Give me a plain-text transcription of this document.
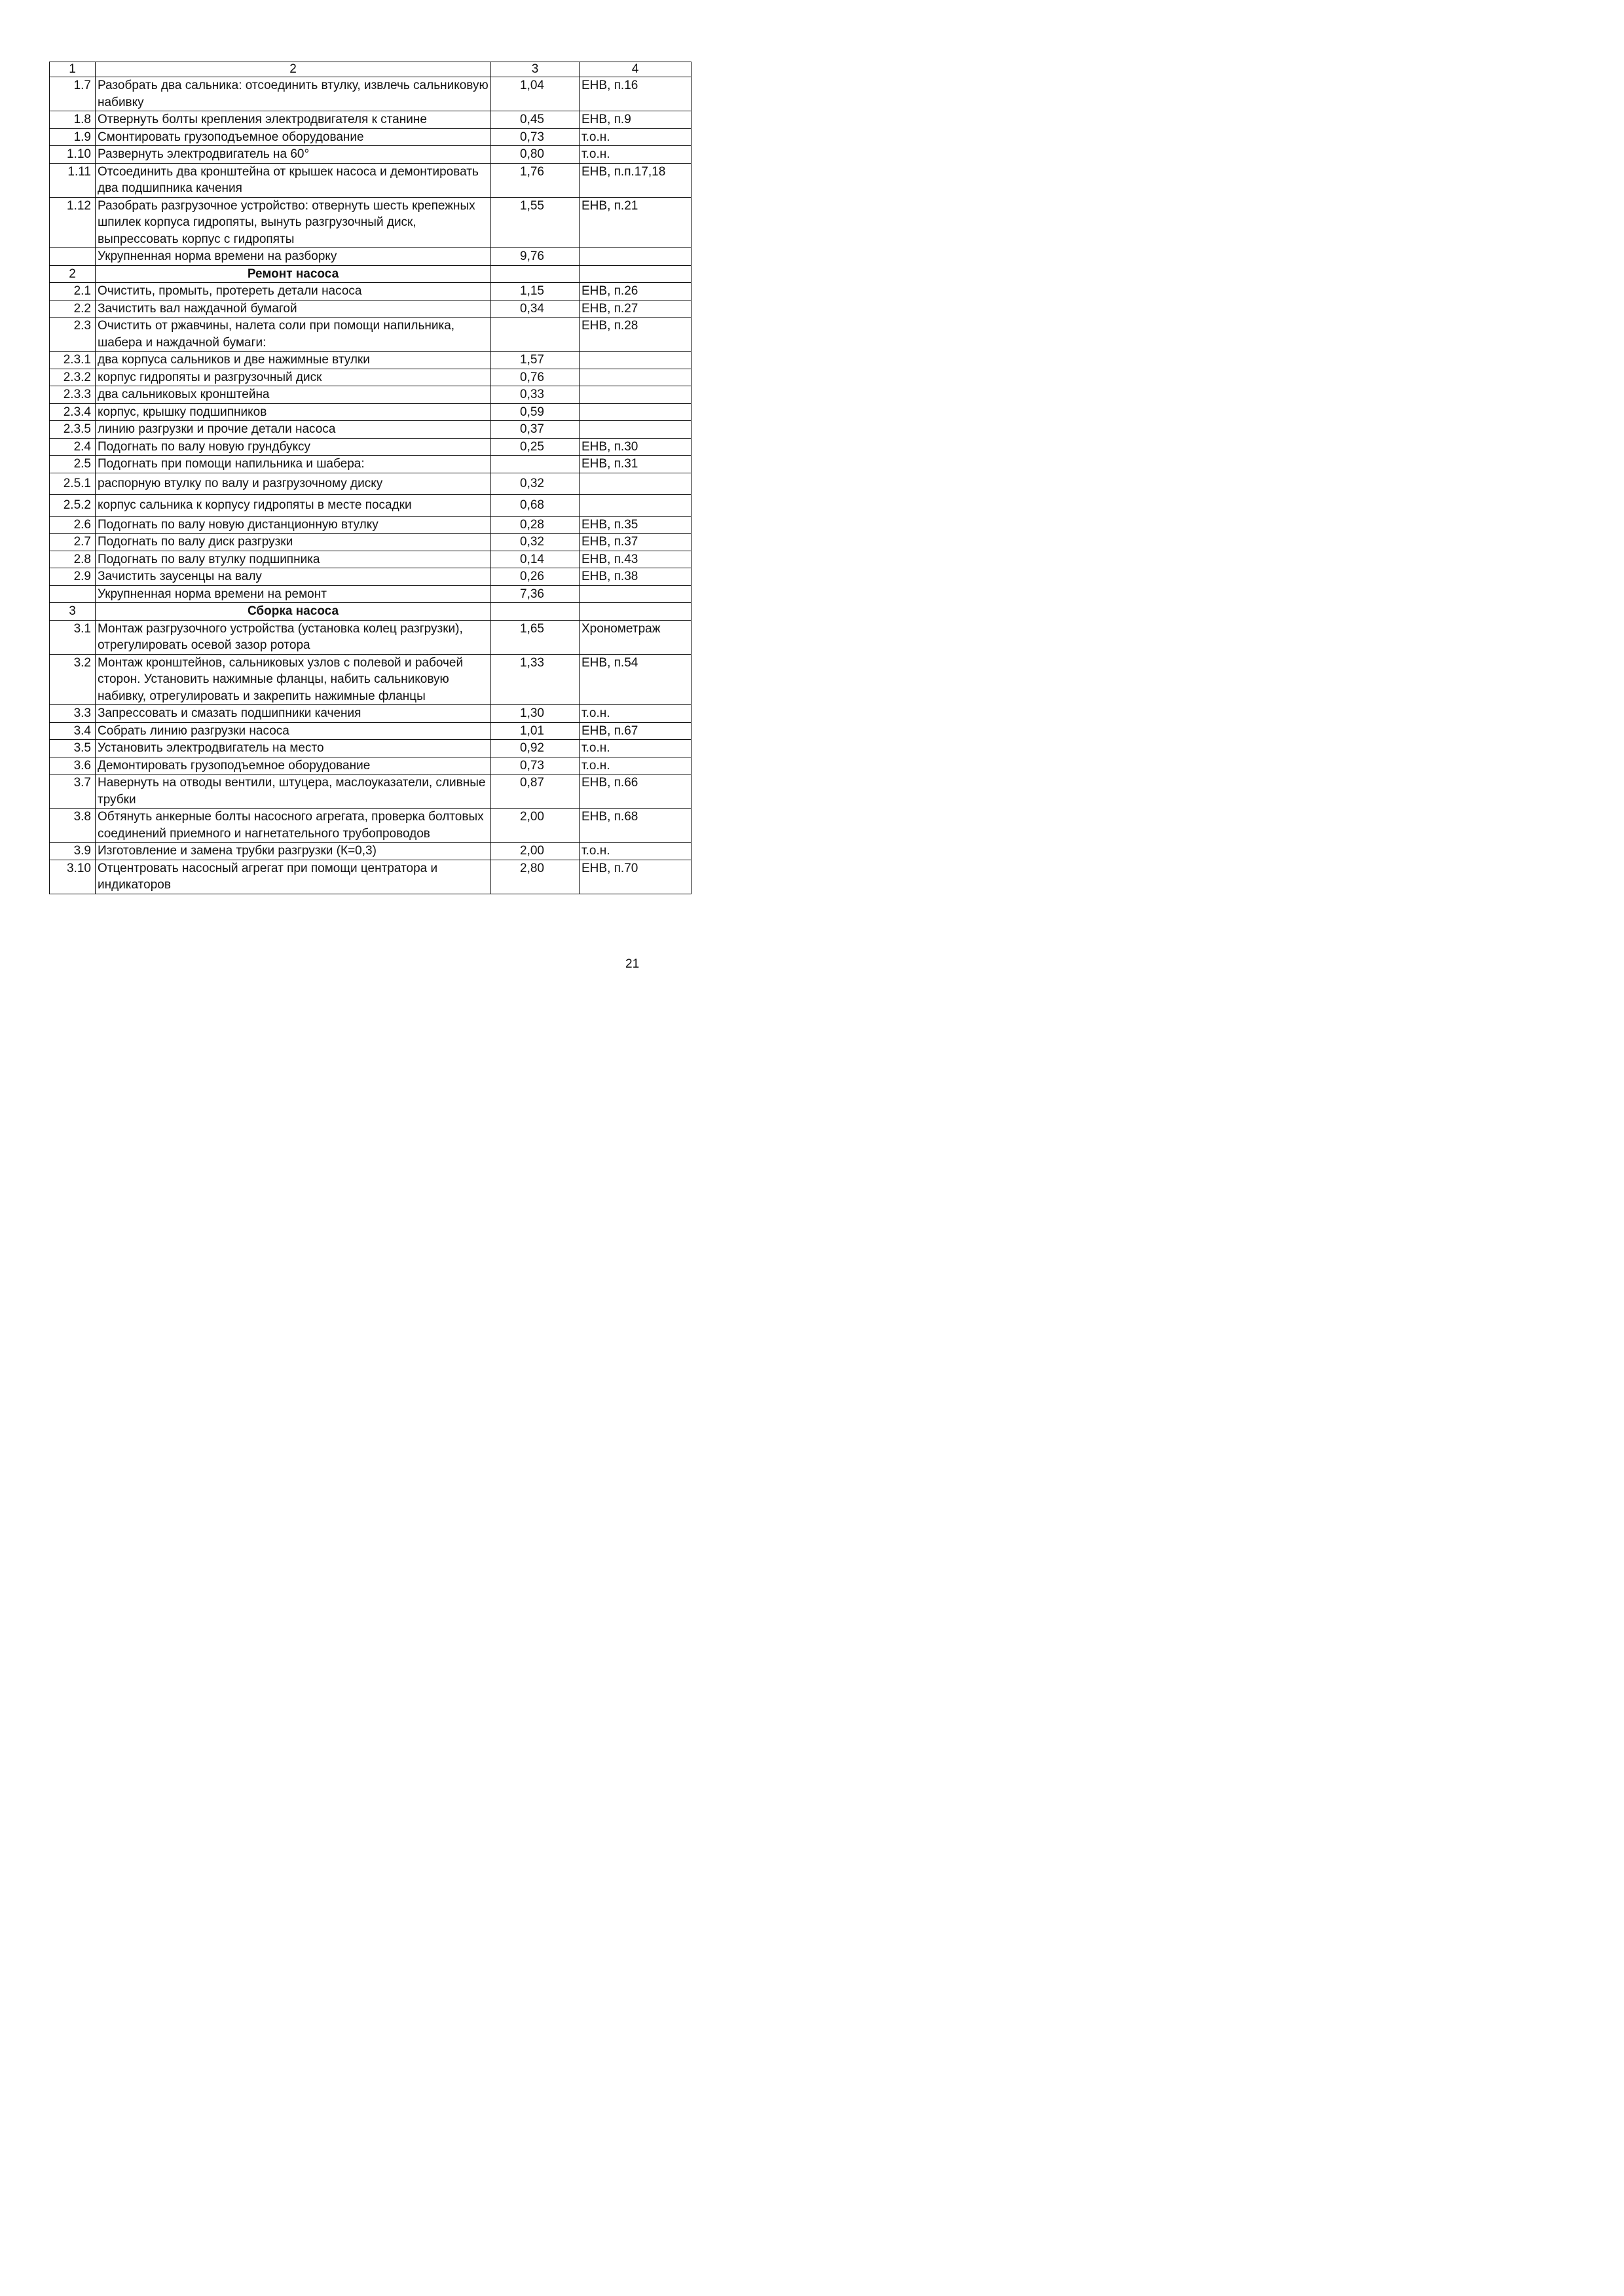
1	2	3	4
1.7	Разобрать два сальника: отсоединить втулку, извлечь сальниковую набивку	1,04	ЕНВ, п.16
1.8	Отвернуть болты крепления электродвигателя к станине	0,45	ЕНВ, п.9
1.9	Смонтировать грузоподъемное оборудование	0,73	т.о.н.
1.10	Развернуть электродвигатель на 60°	0,80	т.о.н.
1.11	Отсоединить два кронштейна от крышек насоса и демонтировать два подшипника качения	1,76	ЕНВ, п.п.17,18
1.12	Разобрать разгрузочное устройство: отвернуть шесть крепежных шпилек корпуса гидропяты, вынуть разгрузочный диск, выпрессовать корпус с гидропяты	1,55	ЕНВ, п.21
	Укрупненная норма времени на разборку	9,76	
2	Ремонт насоса		
2.1	Очистить, промыть, протереть детали насоса	1,15	ЕНВ, п.26
2.2	Зачистить вал наждачной бумагой	0,34	ЕНВ, п.27
2.3	Очистить от ржавчины, налета соли при помощи напильника, шабера и наждачной бумаги:		ЕНВ, п.28
2.3.1	два корпуса сальников и две нажимные втулки	1,57	
2.3.2	корпус гидропяты и разгрузочный диск	0,76	
2.3.3	два сальниковых кронштейна	0,33	
2.3.4	корпус, крышку подшипников	0,59	
2.3.5	линию разгрузки и прочие детали насоса	0,37	
2.4	Подогнать по валу новую грундбуксу	0,25	ЕНВ, п.30
2.5	Подогнать при помощи напильника и шабера:		ЕНВ, п.31
2.5.1	распорную втулку по валу и разгрузочному диску	0,32	
2.5.2	корпус сальника к корпусу гидропяты в месте посадки	0,68	
2.6	Подогнать по валу новую дистанционную втулку	0,28	ЕНВ, п.35
2.7	Подогнать по валу диск разгрузки	0,32	ЕНВ, п.37
2.8	Подогнать по валу втулку подшипника	0,14	ЕНВ, п.43
2.9	Зачистить заусенцы на валу	0,26	ЕНВ, п.38
	Укрупненная норма времени на ремонт	7,36	
3	Сборка насоса		
3.1	Монтаж разгрузочного устройства (установка колец разгрузки), отрегулировать осевой зазор ротора	1,65	Хронометраж
3.2	Монтаж кронштейнов, сальниковых узлов с полевой и рабочей сторон. Установить нажимные фланцы, набить сальниковую набивку, отрегулировать и закрепить нажимные фланцы	1,33	ЕНВ, п.54
3.3	Запрессовать и смазать подшипники качения	1,30	т.о.н.
3.4	Собрать линию разгрузки насоса	1,01	ЕНВ, п.67
3.5	Установить электродвигатель на место	0,92	т.о.н.
3.6	Демонтировать грузоподъемное оборудование	0,73	т.о.н.
3.7	Навернуть на отводы вентили, штуцера, маслоуказатели, сливные трубки	0,87	ЕНВ, п.66
3.8	Обтянуть анкерные болты насосного агрегата, проверка болтовых соединений приемного и нагнетательного трубопроводов	2,00	ЕНВ, п.68
3.9	Изготовление и замена трубки разгрузки (К=0,3)	2,00	т.о.н.
3.10	Отцентровать насосный агрегат при помощи центратора и индикаторов	2,80	ЕНВ, п.70
21
